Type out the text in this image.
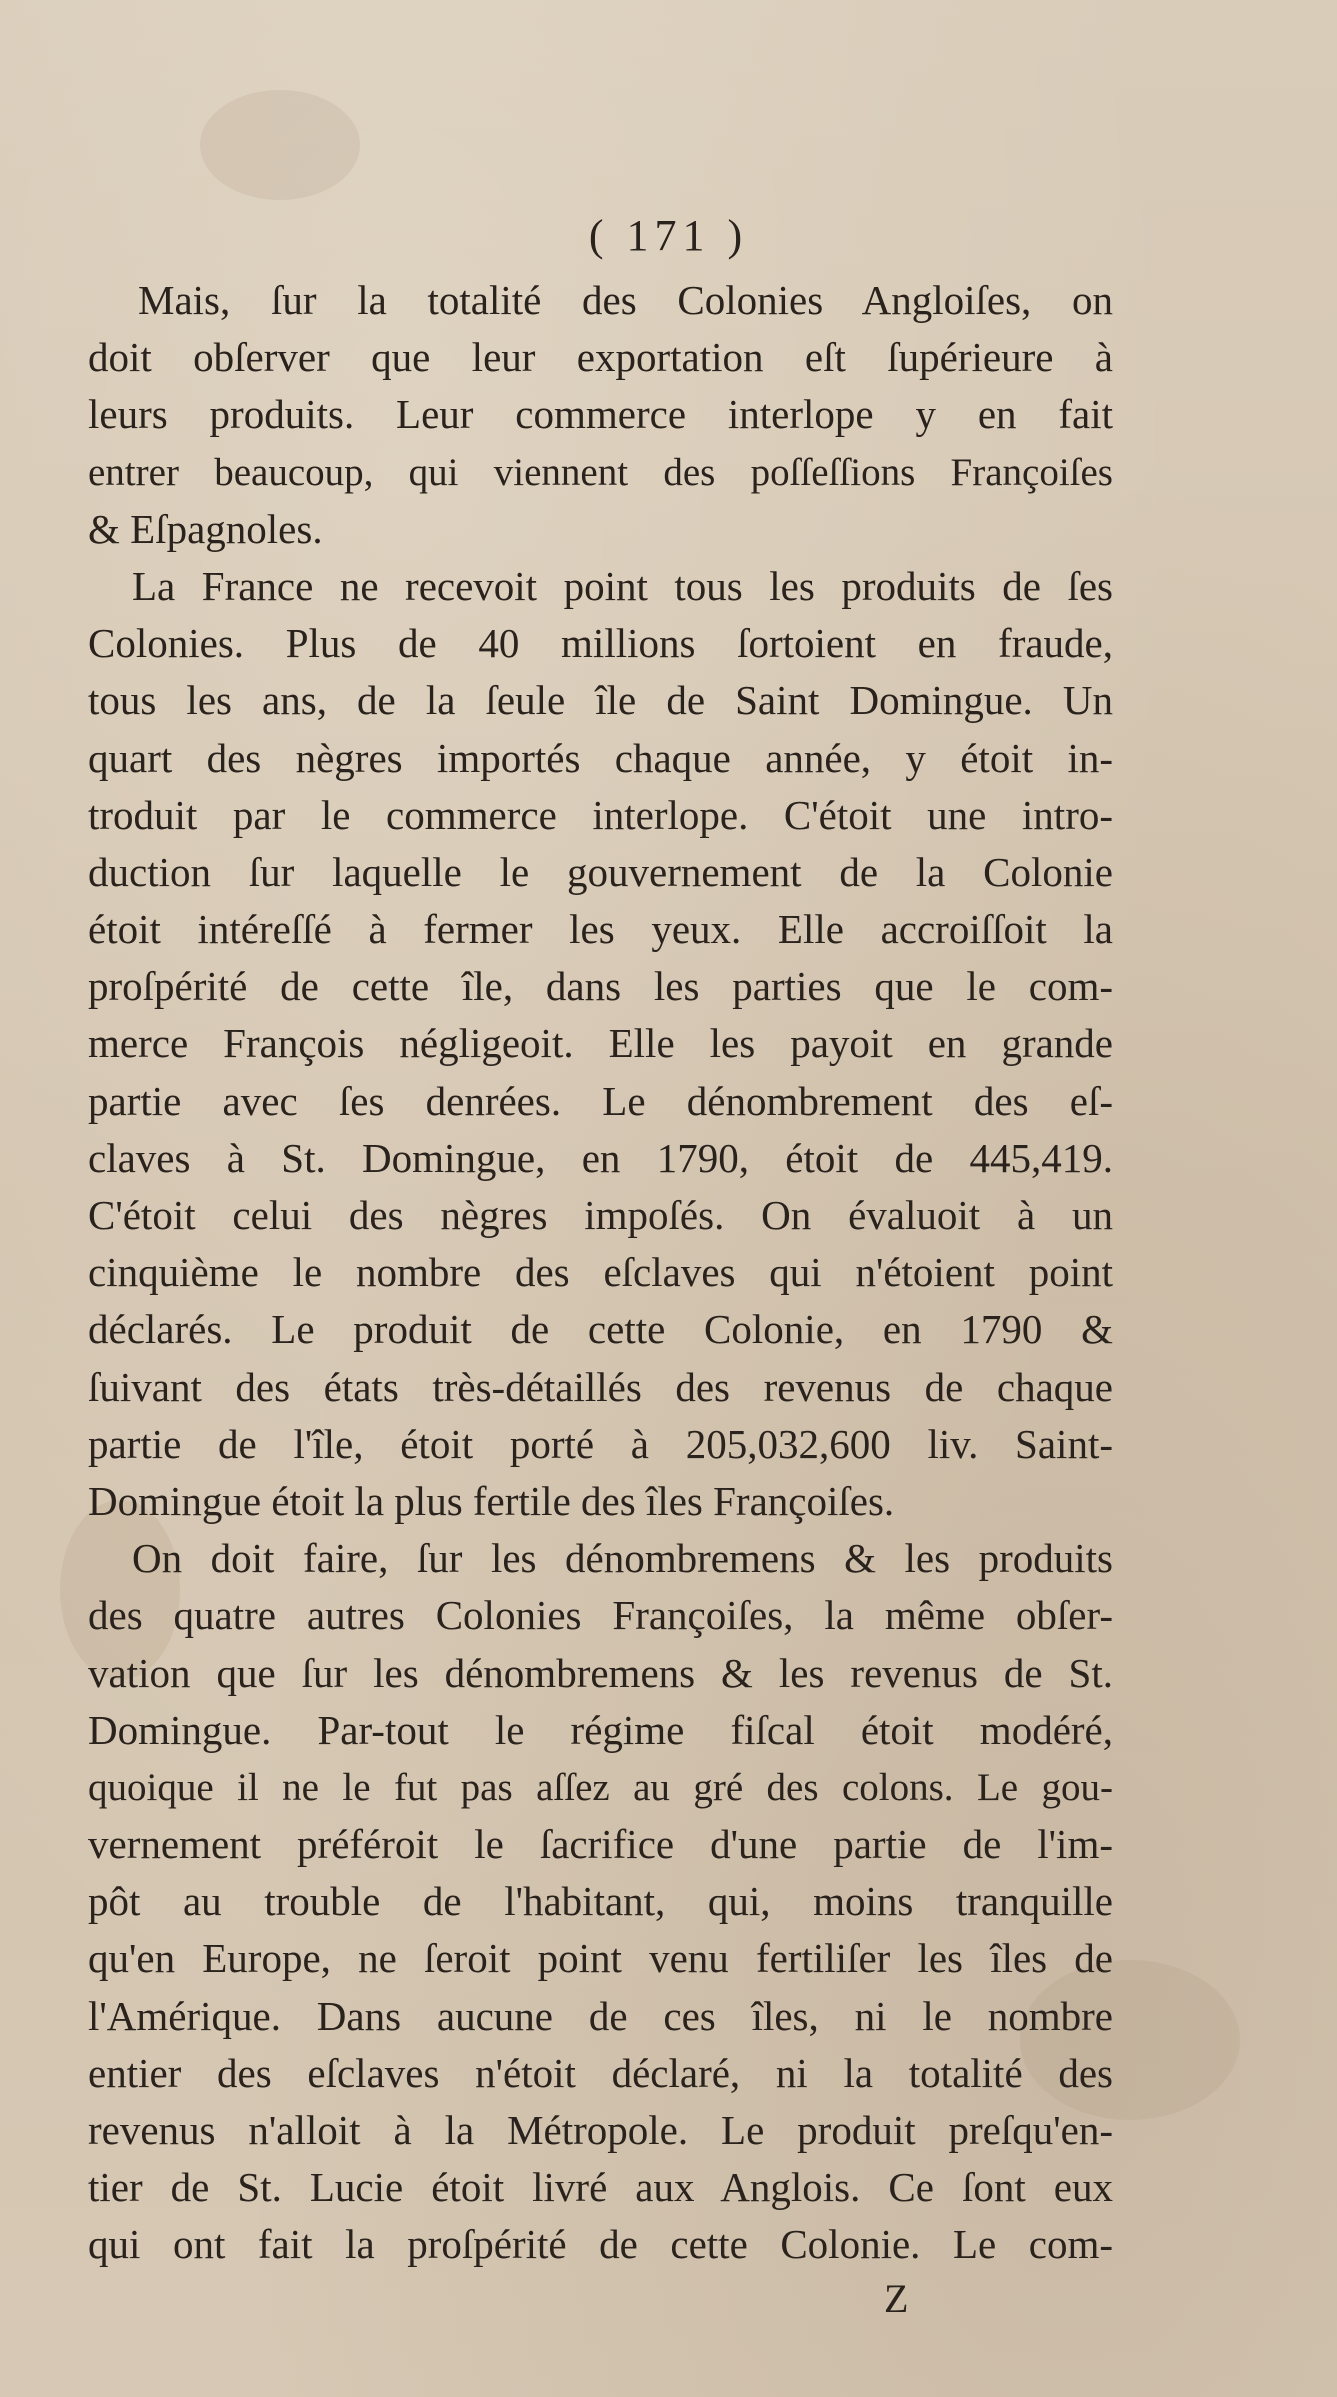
( 171 )
Mais, ſur la totalité des Colonies Angloiſes, on
doit obſerver que leur exportation eſt ſupérieure à
leurs produits. Leur commerce interlope y en fait
entrer beaucoup, qui viennent des poſſeſſions Françoiſes
& Eſpagnoles.
La France ne recevoit point tous les produits de ſes
Colonies. Plus de 40 millions ſortoient en fraude,
tous les ans, de la ſeule île de Saint Domingue. Un
quart des nègres importés chaque année, y étoit in-
troduit par le commerce interlope. C'étoit une intro-
duction ſur laquelle le gouvernement de la Colonie
étoit intéreſſé à fermer les yeux. Elle accroiſſoit la
proſpérité de cette île, dans les parties que le com-
merce François négligeoit. Elle les payoit en grande
partie avec ſes denrées. Le dénombrement des eſ-
claves à St. Domingue, en 1790, étoit de 445,419.
C'étoit celui des nègres impoſés. On évaluoit à un
cinquième le nombre des eſclaves qui n'étoient point
déclarés. Le produit de cette Colonie, en 1790 &
ſuivant des états très-détaillés des revenus de chaque
partie de l'île, étoit porté à 205,032,600 liv. Saint-
Domingue étoit la plus fertile des îles Françoiſes.
On doit faire, ſur les dénombremens & les produits
des quatre autres Colonies Françoiſes, la même obſer-
vation que ſur les dénombremens & les revenus de St.
Domingue. Par-tout le régime fiſcal étoit modéré,
quoique il ne le fut pas aſſez au gré des colons. Le gou-
vernement préféroit le ſacrifice d'une partie de l'im-
pôt au trouble de l'habitant, qui, moins tranquille
qu'en Europe, ne ſeroit point venu fertiliſer les îles de
l'Amérique. Dans aucune de ces îles, ni le nombre
entier des eſclaves n'étoit déclaré, ni la totalité des
revenus n'alloit à la Métropole. Le produit preſqu'en-
tier de St. Lucie étoit livré aux Anglois. Ce ſont eux
qui ont fait la proſpérité de cette Colonie. Le com-
Z
